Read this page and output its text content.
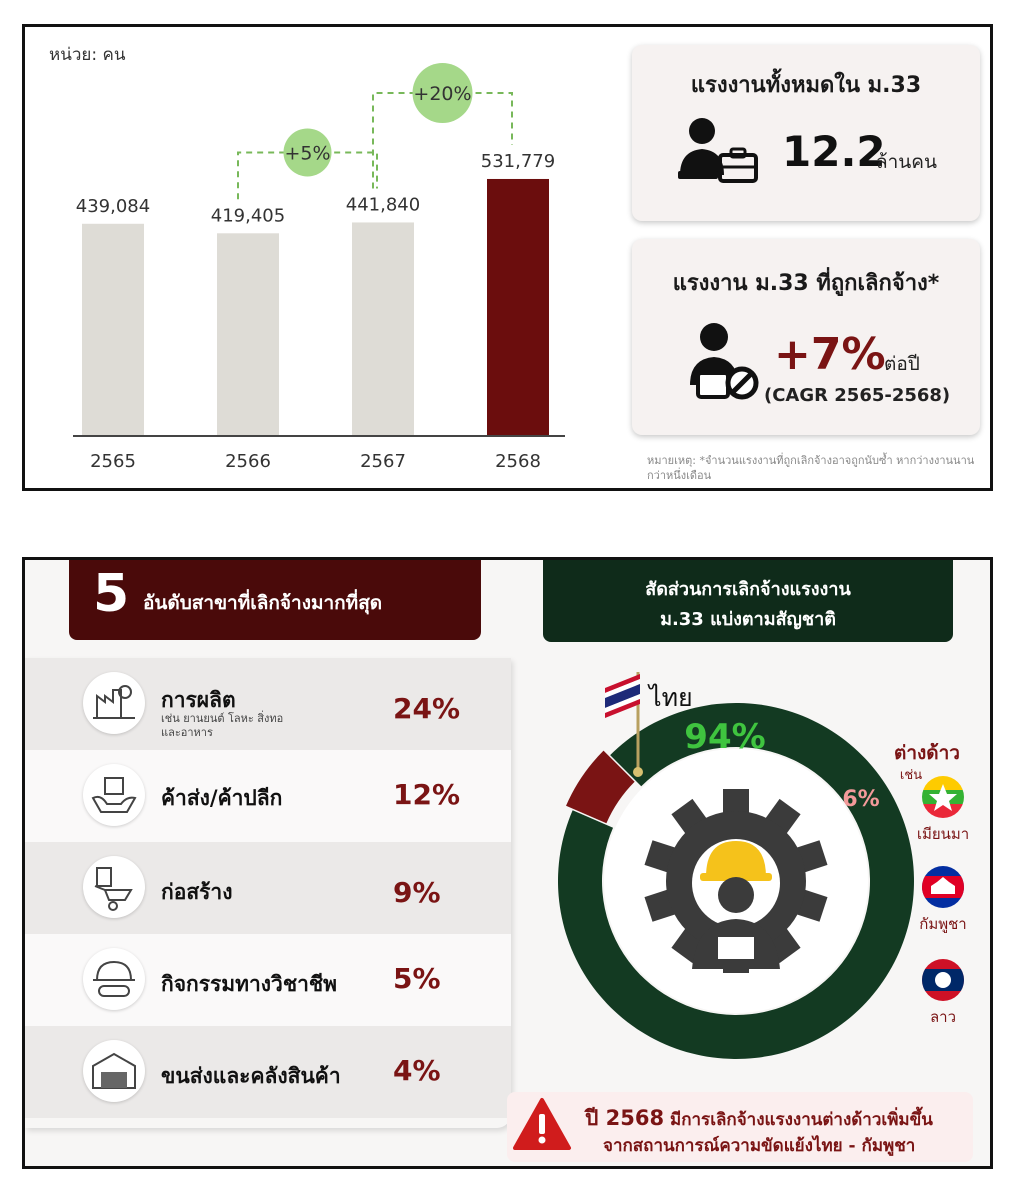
หน่วย: คน
439,084
2565
419,405
2566
441,840
2567
531,779
2568
+5%
+20%	แรงงานทั้งหมดใน ม.33
12.2
ล้านคน
แรงงาน ม.33 ที่ถูกเลิกจ้าง*
+7%
ต่อปี
(CAGR 2565-2568)
หมายเหตุ: *จำนวนแรงงานที่ถูกเลิกจ้างอาจถูกนับซ้ำ หากว่างงานนานกว่าหนึ่งเดือน
5 อันดับสาขาที่เลิกจ้างมากที่สุด
การผลิต
เช่น ยานยนต์ โลหะ สิ่งทอ และอาหาร
24%
ค้าส่ง/ค้าปลีก	12%
ก่อสร้าง	9%
กิจกรรมทางวิชาชีพ 5%
ขนส่งและคลังสินค้า 4%
สัดส่วนการเลิกจ้างแรงงาน
ม.33 แบ่งตามสัญชาติ
94%
6%
ไทย
ต่างด้าว
เช่น
เมียนมา
กัมพูชา
ลาว
ปี 2568 มีการเลิกจ้างแรงงานต่างด้าวเพิ่มขึ้น
จากสถานการณ์ความขัดแย้งไทย - กัมพูชา
